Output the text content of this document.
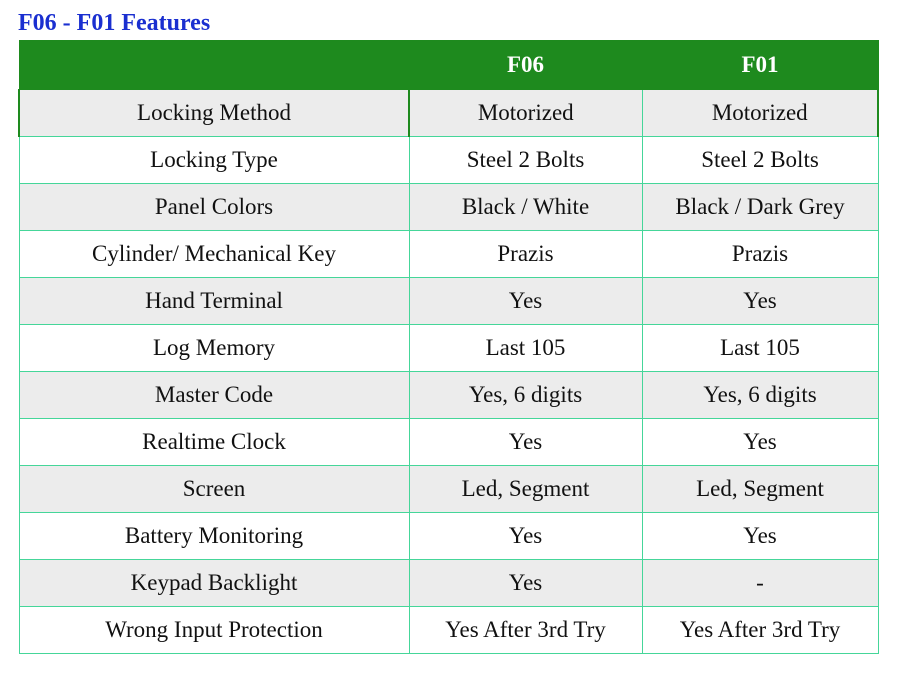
F06 - F01 Features
	F06	F01
Locking Method	Motorized	Motorized
Locking Type	Steel 2 Bolts	Steel 2 Bolts
Panel Colors	Black / White	Black / Dark Grey
Cylinder/ Mechanical Key	Prazis	Prazis
Hand Terminal	Yes	Yes
Log Memory	Last 105	Last 105
Master Code	Yes, 6 digits	Yes, 6 digits
Realtime Clock	Yes	Yes
Screen	Led, Segment	Led, Segment
Battery Monitoring	Yes	Yes
Keypad Backlight	Yes	-
Wrong Input Protection	Yes After 3rd Try	Yes After 3rd Try
